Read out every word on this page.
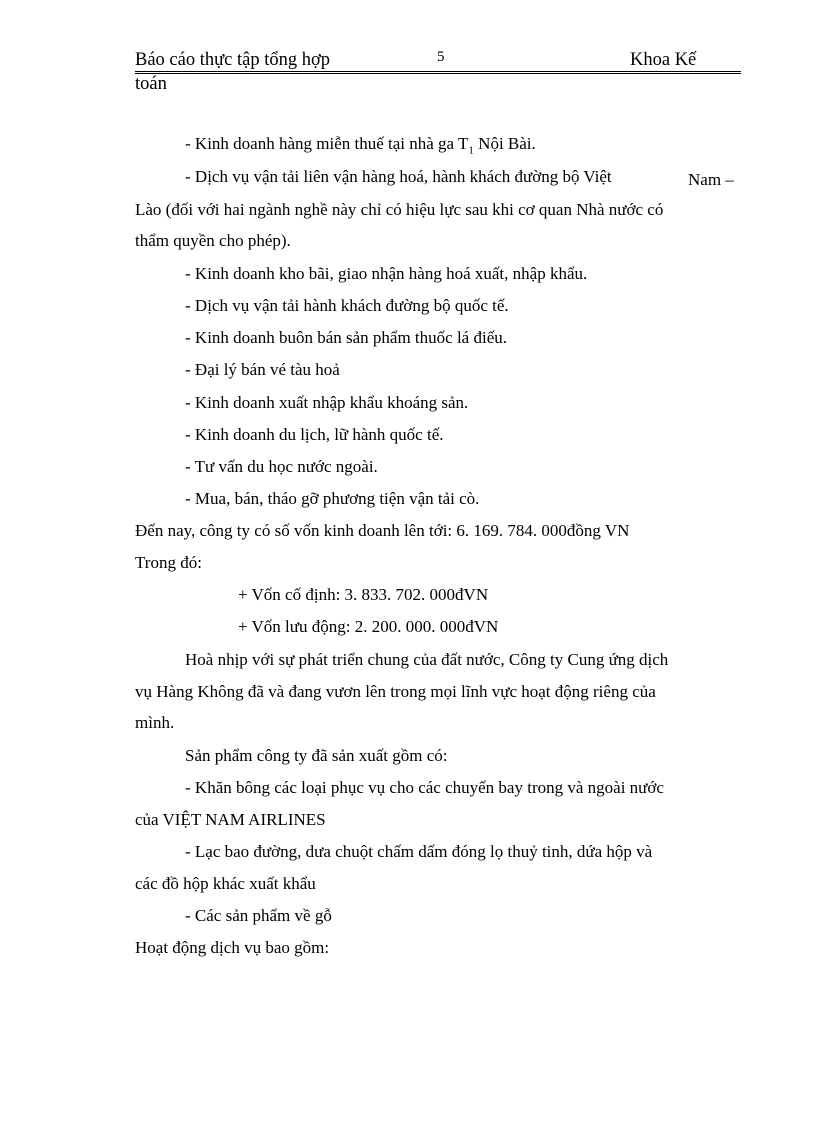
Báo cáo thực tập tổng hợp	5	Khoa Kế
toán
- Kinh doanh hàng miễn thuế tại nhà ga $T_1$ Nội Bài.
- Dịch vụ vận tải liên vận hàng hoá, hành khách đường bộ Việt	Nam –
Lào (đối với hai ngành nghề này chỉ có hiệu lực sau khi cơ quan Nhà nước có
thẩm quyền cho phép).
- Kinh doanh kho bãi, giao nhận hàng hoá xuất, nhập khẩu.
- Dịch vụ vận tải hành khách đường bộ quốc tế.
- Kinh doanh buôn bán sản phẩm thuốc lá điếu.
- Đại lý bán vé tàu hoả
- Kinh doanh xuất nhập khẩu khoáng sản.
- Kinh doanh du lịch, lữ hành quốc tế.
- Tư vấn du học nước ngoài.
- Mua, bán, tháo gỡ phương tiện vận tải cò.
Đến nay, công ty có số vốn kinh doanh lên tới: 6. 169. 784. 000đồng VN
Trong đó:
+ Vốn cố định: 3. 833. 702. 000đVN
+ Vốn lưu động: 2. 200. 000. 000đVN
Hoà nhịp với sự phát triển chung của đất nước, Công ty Cung ứng dịch
vụ Hàng Không đã và đang vươn lên trong mọi lĩnh vực hoạt động riêng của
mình.
Sản phẩm công ty đã sản xuất gồm có:
- Khăn bông các loại phục vụ cho các chuyến bay trong và ngoài nước
của VIỆT NAM AIRLINES
- Lạc bao đường, dưa chuột chấm dấm đóng lọ thuỷ tinh, dứa hộp và
các đồ hộp khác xuất khẩu
- Các sản phẩm về gỗ
Hoạt động dịch vụ bao gồm:
